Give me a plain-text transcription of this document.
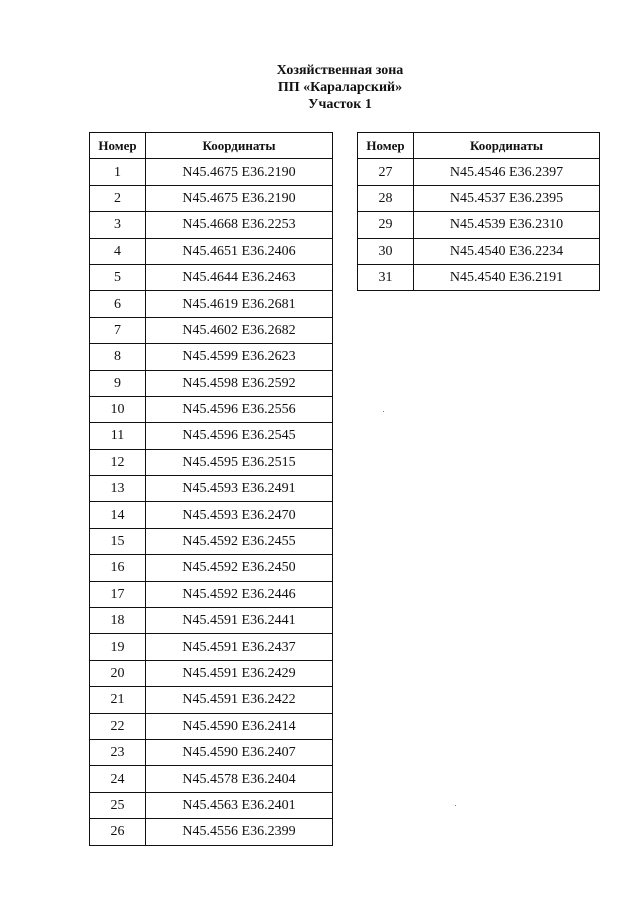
Хозяйственная зона
ПП «Караларский»
Участок 1
Номер	Координаты
1	N45.4675 E36.2190
2	N45.4675 E36.2190
3	N45.4668 E36.2253
4	N45.4651 E36.2406
5	N45.4644 E36.2463
6	N45.4619 E36.2681
7	N45.4602 E36.2682
8	N45.4599 E36.2623
9	N45.4598 E36.2592
10	N45.4596 E36.2556
11	N45.4596 E36.2545
12	N45.4595 E36.2515
13	N45.4593 E36.2491
14	N45.4593 E36.2470
15	N45.4592 E36.2455
16	N45.4592 E36.2450
17	N45.4592 E36.2446
18	N45.4591 E36.2441
19	N45.4591 E36.2437
20	N45.4591 E36.2429
21	N45.4591 E36.2422
22	N45.4590 E36.2414
23	N45.4590 E36.2407
24	N45.4578 E36.2404
25	N45.4563 E36.2401
26	N45.4556 E36.2399
Номер	Координаты
27	N45.4546 E36.2397
28	N45.4537 E36.2395
29	N45.4539 E36.2310
30	N45.4540 E36.2234
31	N45.4540 E36.2191
